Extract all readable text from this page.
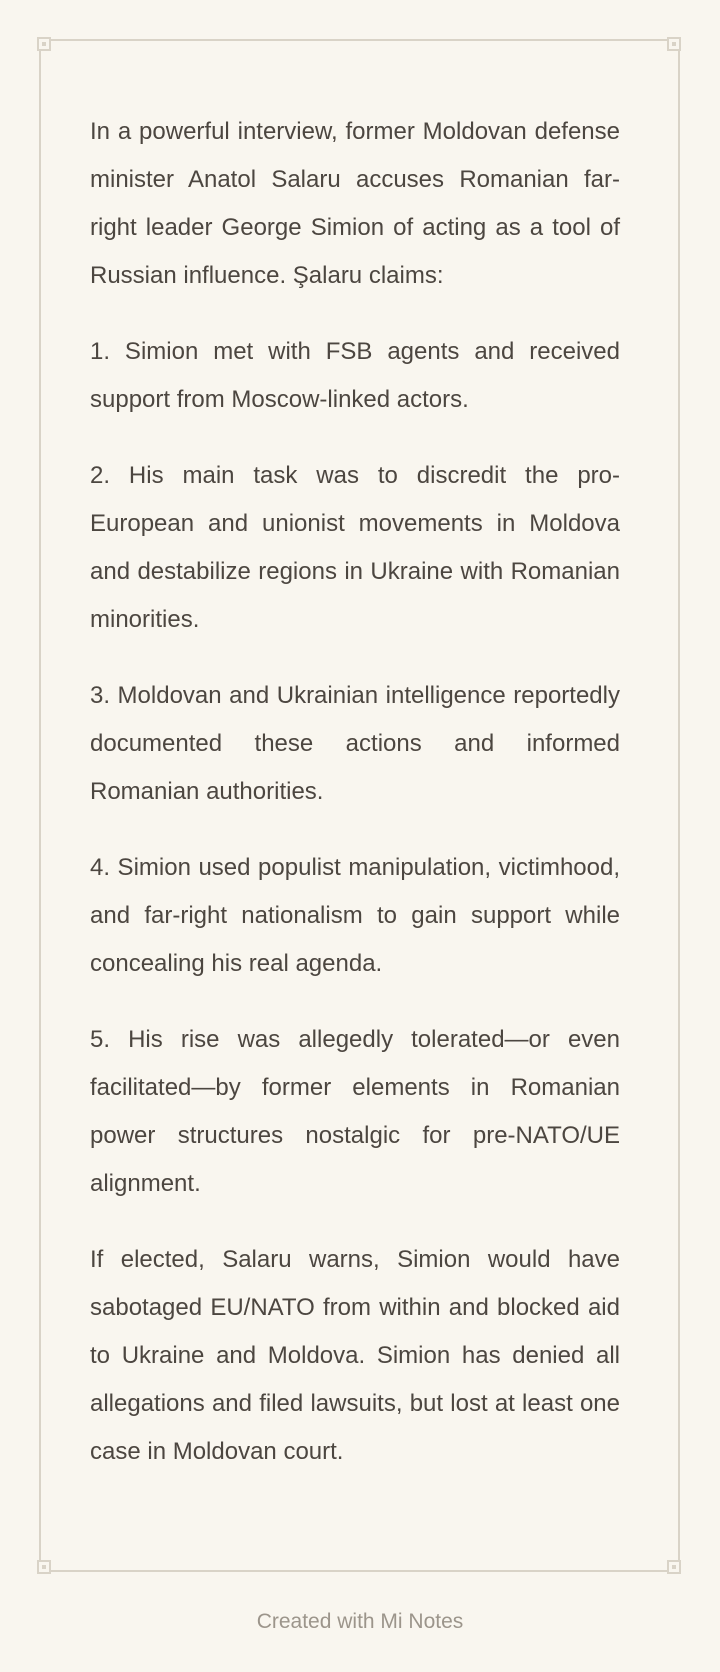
In a powerful interview, former Moldovan defense minister Anatol Salaru accuses Romanian far-right leader George Simion of acting as a tool of Russian influence. Şalaru claims:

1. Simion met with FSB agents and received support from Moscow-linked actors.

2. His main task was to discredit the pro-European and unionist movements in Moldova and destabilize regions in Ukraine with Romanian minorities.

3. Moldovan and Ukrainian intelligence reportedly documented these actions and informed Romanian authorities.

4. Simion used populist manipulation, victimhood, and far-right nationalism to gain support while concealing his real agenda.

5. His rise was allegedly tolerated—or even facilitated—by former elements in Romanian power structures nostalgic for pre-NATO/UE alignment.

If elected, Salaru warns, Simion would have sabotaged EU/NATO from within and blocked aid to Ukraine and Moldova. Simion has denied all allegations and filed lawsuits, but lost at least one case in Moldovan court.

Created with Mi Notes
